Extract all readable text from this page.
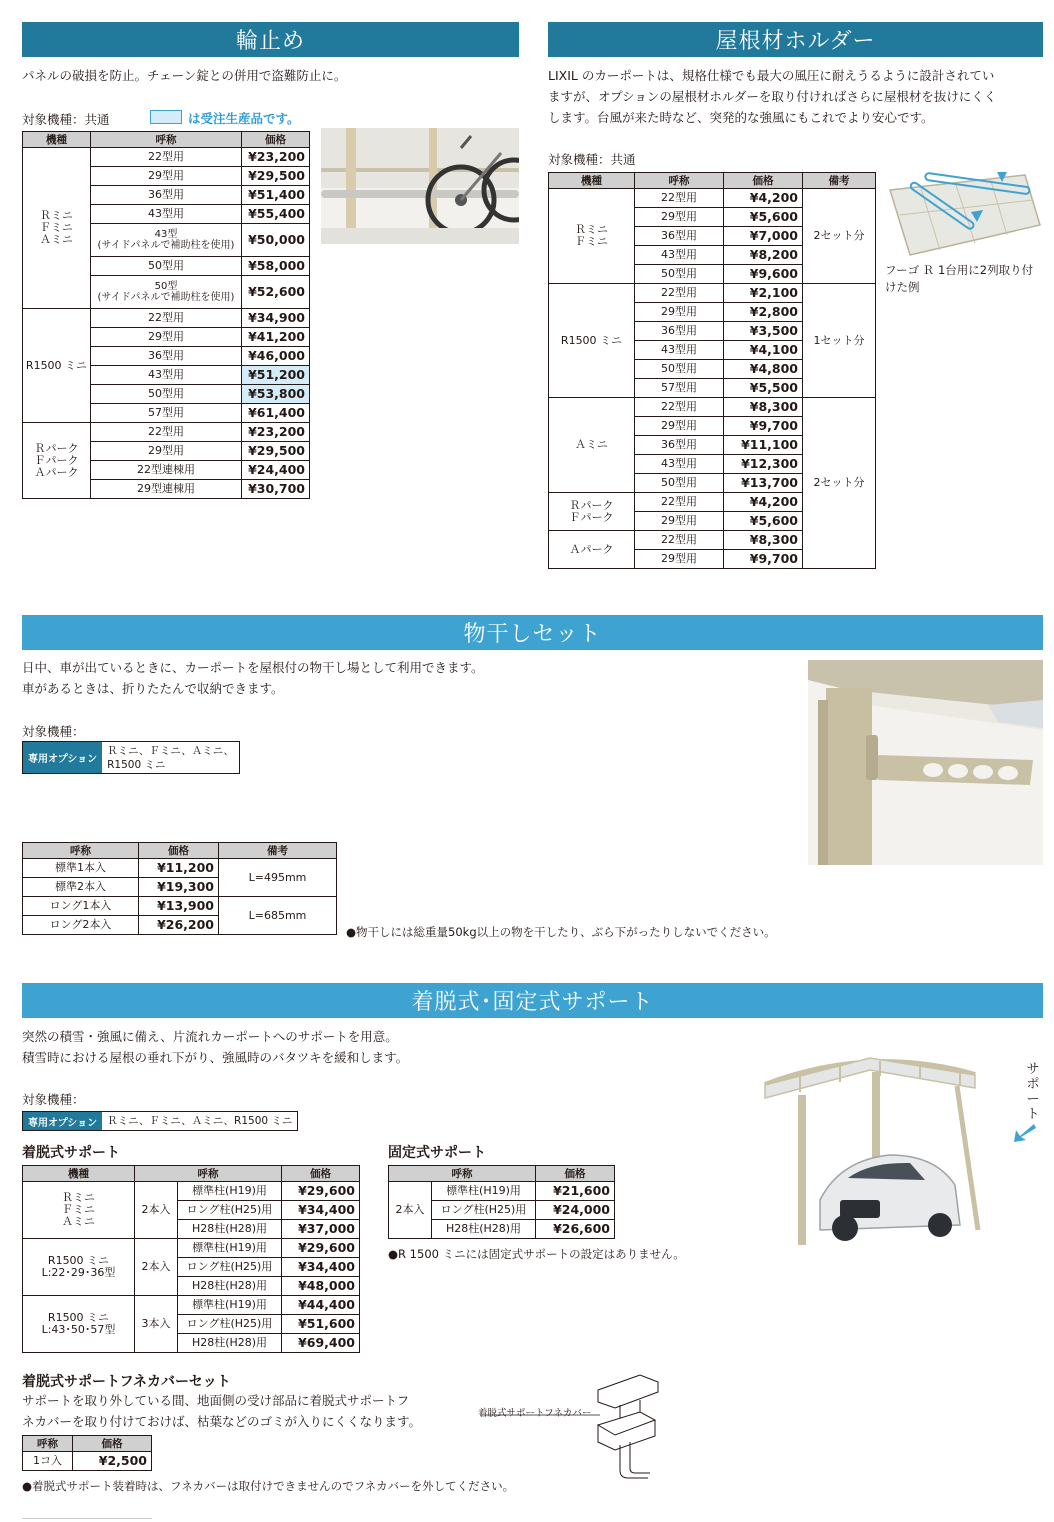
輪止め
パネルの破損を防止。チェーン錠との併用で盗難防止に。
対象機種：共通	は受注生産品です。
機種	呼称	価格
Ｒミニ
Ｆミニ
Ａミニ	22型用	¥23,200
	29型用	¥29,500
	36型用	¥51,400
	43型用	¥55,400
	43型
(サイドパネルで補助柱を使用)	¥50,000
	50型用	¥58,000
	50型
(サイドパネルで補助柱を使用)	¥52,600
R1500 ミニ	22型用	¥34,900
	29型用	¥41,200
	36型用	¥46,000
	43型用	¥51,200
	50型用	¥53,800
	57型用	¥61,400
Ｒパーク
Ｆパーク
Ａパーク	22型用	¥23,200
	29型用	¥29,500
	22型連棟用	¥24,400
	29型連棟用	¥30,700
屋根材ホルダー
LIXIL のカーポートは、規格仕様でも最大の風圧に耐えうるように設計されてい
ますが、オプションの屋根材ホルダーを取り付ければさらに屋根材を抜けにくく
します。台風が来た時など、突発的な強風にもこれでより安心です。
対象機種：共通
機種	呼称	価格	備考
Ｒミニ
Ｆミニ	22型用	¥4,200	2セット分
	29型用	¥5,600	
	36型用	¥7,000	
	43型用	¥8,200	
	50型用	¥9,600	
R1500 ミニ	22型用	¥2,100	1セット分
	29型用	¥2,800	
	36型用	¥3,500	
	43型用	¥4,100	
	50型用	¥4,800	
	57型用	¥5,500	
Ａミニ	22型用	¥8,300	2セット分
	29型用	¥9,700	
	36型用	¥11,100	
	43型用	¥12,300	
	50型用	¥13,700	
Ｒパーク
Ｆパーク	22型用	¥4,200	
	29型用	¥5,600	
Ａパーク	22型用	¥8,300	
	29型用	¥9,700	
フーゴ Ｒ 1台用に2列取り付
けた例
物干しセット
日中、車が出ているときに、カーポートを屋根付の物干し場として利用できます。
車があるときは、折りたたんで収納できます。
対象機種：
専用オプション
Ｒミニ、Ｆミニ、Ａミニ、
R1500 ミニ
呼称	価格	備考
標準1本入	¥11,200	L=495mm
標準2本入	¥19,300	
ロング1本入	¥13,900	L=685mm
ロング2本入	¥26,200		●物干しには総重量50kg以上の物を干したり、ぶら下がったりしないでください。
着脱式･固定式サポート
突然の積雪・強風に備え、片流れカーポートへのサポートを用意。
積雪時における屋根の垂れ下がり、強風時のバタツキを緩和します。
対象機種：
専用オプション Ｒミニ、Ｆミニ、Ａミニ、R1500 ミニ
着脱式サポート
機種	呼称		価格
Ｒミニ
Ｆミニ
Ａミニ	2本入	標準柱(H19)用	¥29,600
		ロング柱(H25)用	¥34,400
		H28柱(H28)用	¥37,000
R1500 ミニ
L:22･29･36型	2本入	標準柱(H19)用	¥29,600
		ロング柱(H25)用	¥34,400
		H28柱(H28)用	¥48,000
R1500 ミニ
L:43･50･57型	3本入	標準柱(H19)用	¥44,400
		ロング柱(H25)用	¥51,600
		H28柱(H28)用	¥69,400
固定式サポート
呼称		価格
2本入	標準柱(H19)用	¥21,600
	ロング柱(H25)用	¥24,000
	H28柱(H28)用	¥26,600
●R 1500 ミニには固定式サポートの設定はありません。
サポート
着脱式サポートフネカバーセット
サポートを取り外している間、地面側の受け部品に着脱式サポートフ
ネカバーを取り付けておけば、枯葉などのゴミが入りにくくなります。
呼称	価格
1コ入	¥2,500
着脱式サポートフネカバー
●着脱式サポート装着時は、フネカバーは取付けできませんのでフネカバーを外してください。
